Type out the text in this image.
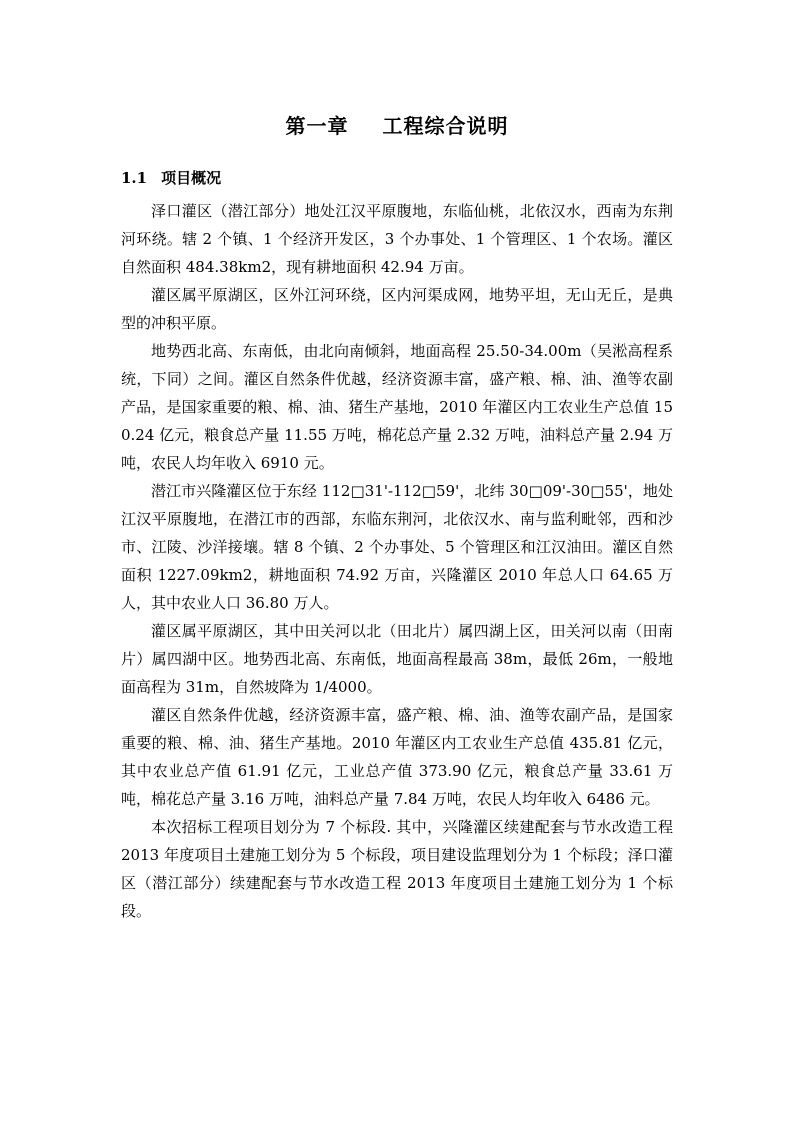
第一章 工程综合说明
1.1 项目概况

泽口灌区（潜江部分）地处江汉平原腹地，东临仙桃，北依汉水，西南为东荆河环绕。辖 2 个镇、1 个经济开发区，3 个办事处、1 个管理区、1 个农场。灌区自然面积 484.38km2，现有耕地面积 42.94 万亩。

灌区属平原湖区，区外江河环绕，区内河渠成网，地势平坦，无山无丘，是典型的冲积平原。

地势西北高、东南低，由北向南倾斜，地面高程 25.50-34.00m（吴淞高程系统，下同）之间。灌区自然条件优越，经济资源丰富，盛产粮、棉、油、渔等农副产品，是国家重要的粮、棉、油、猪生产基地，2010 年灌区内工农业生产总值 150.24 亿元，粮食总产量 11.55 万吨，棉花总产量 2.32 万吨，油料总产量 2.94 万吨，农民人均年收入 6910 元。

潜江市兴隆灌区位于东经 112□31'-112□59'，北纬 30□09'-30□55'，地处江汉平原腹地，在潜江市的西部，东临东荆河，北依汉水、南与监利毗邻，西和沙市、江陵、沙洋接壤。辖 8 个镇、2 个办事处、5 个管理区和江汉油田。灌区自然面积 1227.09km2，耕地面积 74.92 万亩，兴隆灌区 2010 年总人口 64.65 万人，其中农业人口 36.80 万人。

灌区属平原湖区，其中田关河以北（田北片）属四湖上区，田关河以南（田南片）属四湖中区。地势西北高、东南低，地面高程最高 38m，最低 26m，一般地面高程为 31m，自然坡降为 1/4000。

灌区自然条件优越，经济资源丰富，盛产粮、棉、油、渔等农副产品，是国家重要的粮、棉、油、猪生产基地。2010 年灌区内工农业生产总值 435.81 亿元，其中农业总产值 61.91 亿元，工业总产值 373.90 亿元，粮食总产量 33.61 万吨，棉花总产量 3.16 万吨，油料总产量 7.84 万吨，农民人均年收入 6486 元。

本次招标工程项目划分为 7 个标段. 其中，兴隆灌区续建配套与节水改造工程 2013 年度项目土建施工划分为 5 个标段，项目建设监理划分为 1 个标段；泽口灌区（潜江部分）续建配套与节水改造工程 2013 年度项目土建施工划分为 1 个标段。
